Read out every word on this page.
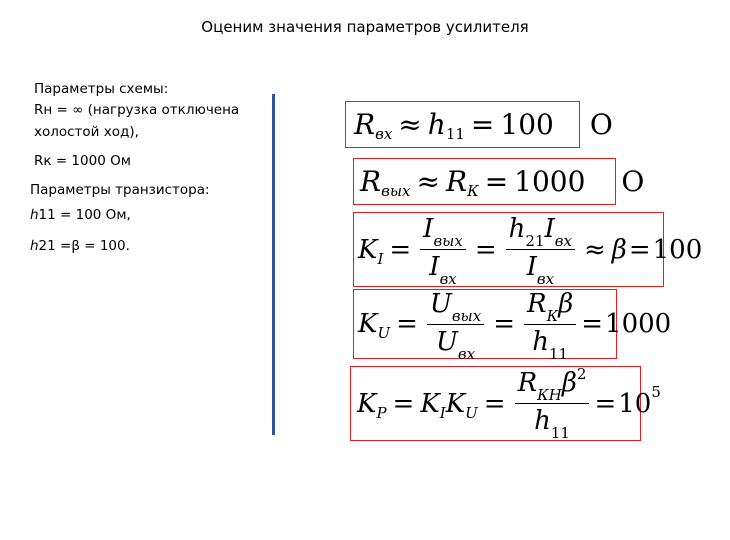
Оценим значения параметров усилителя
Параметры схемы:
Rн = ∞ (нагрузка отключена
холостой ход),
Rк = 1000 Ом
Параметры транзистора:
ℎ11 = 100 Ом,
ℎ21 =β = 100.
R вх ≈ h 11 = 100 О
R вых ≈ R К = 1000 О
K $I = \frac{I_{вых}}{I_{вх}} = \frac{h_{21}I_{вх}}{I_{вх}} \approx \beta = 100$
K $U = \frac{U_{вых}}{U_{вх}} = \frac{R_К\beta}{h_{11}} = 1000$
K P = K I K $U = \frac{R_{КН}\beta^2}{h_{11}} = 10$ 5
